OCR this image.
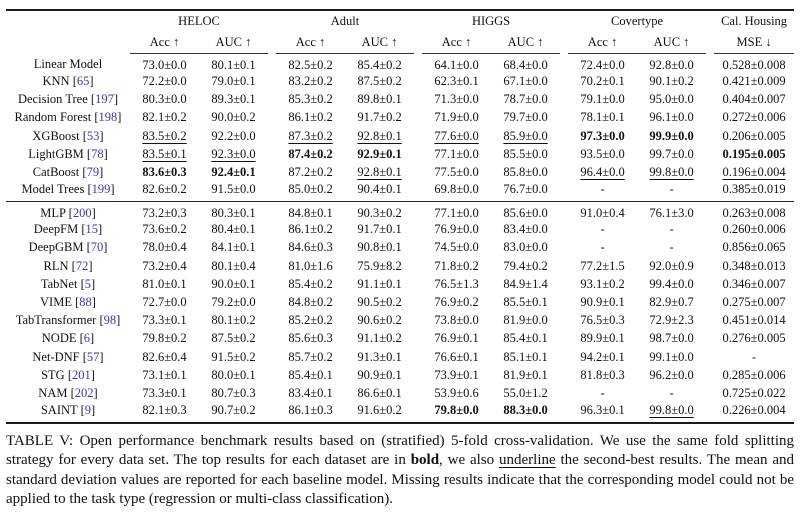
	HELOC			Adult			HIGGS			Covertype			Cal. Housing
	Acc ↑	AUC ↑		Acc ↑	AUC ↑		Acc ↑	AUC ↑		Acc ↑	AUC ↑		MSE ↓
Linear Model	73.0±0.0	80.1±0.1		82.5±0.2	85.4±0.2		64.1±0.0	68.4±0.0		72.4±0.0	92.8±0.0		0.528±0.008
KNN [65]	72.2±0.0	79.0±0.1		83.2±0.2	87.5±0.2		62.3±0.1	67.1±0.0		70.2±0.1	90.1±0.2		0.421±0.009
Decision Tree [197]	80.3±0.0	89.3±0.1		85.3±0.2	89.8±0.1		71.3±0.0	78.7±0.0		79.1±0.0	95.0±0.0		0.404±0.007
Random Forest [198]	82.1±0.2	90.0±0.2		86.1±0.2	91.7±0.2		71.9±0.0	79.7±0.0		78.1±0.1	96.1±0.0		0.272±0.006
XGBoost [53]	83.5±0.2	92.2±0.0		87.3±0.2	92.8±0.1		77.6±0.0	85.9±0.0		97.3±0.0	99.9±0.0		0.206±0.005
LightGBM [78]	83.5±0.1	92.3±0.0		87.4±0.2	92.9±0.1		77.1±0.0	85.5±0.0		93.5±0.0	99.7±0.0		0.195±0.005
CatBoost [79]	83.6±0.3	92.4±0.1		87.2±0.2	92.8±0.1		77.5±0.0	85.8±0.0		96.4±0.0	99.8±0.0		0.196±0.004
Model Trees [199]	82.6±0.2	91.5±0.0		85.0±0.2	90.4±0.1		69.8±0.0	76.7±0.0		-	-		0.385±0.019
MLP [200]	73.2±0.3	80.3±0.1		84.8±0.1	90.3±0.2		77.1±0.0	85.6±0.0		91.0±0.4	76.1±3.0		0.263±0.008
DeepFM [15]	73.6±0.2	80.4±0.1		86.1±0.2	91.7±0.1		76.9±0.0	83.4±0.0		-	-		0.260±0.006
DeepGBM [70]	78.0±0.4	84.1±0.1		84.6±0.3	90.8±0.1		74.5±0.0	83.0±0.0		-	-		0.856±0.065
RLN [72]	73.2±0.4	80.1±0.4		81.0±1.6	75.9±8.2		71.8±0.2	79.4±0.2		77.2±1.5	92.0±0.9		0.348±0.013
TabNet [5]	81.0±0.1	90.0±0.1		85.4±0.2	91.1±0.1		76.5±1.3	84.9±1.4		93.1±0.2	99.4±0.0		0.346±0.007
VIME [88]	72.7±0.0	79.2±0.0		84.8±0.2	90.5±0.2		76.9±0.2	85.5±0.1		90.9±0.1	82.9±0.7		0.275±0.007
TabTransformer [98]	73.3±0.1	80.1±0.2		85.2±0.2	90.6±0.2		73.8±0.0	81.9±0.0		76.5±0.3	72.9±2.3		0.451±0.014
NODE [6]	79.8±0.2	87.5±0.2		85.6±0.3	91.1±0.2		76.9±0.1	85.4±0.1		89.9±0.1	98.7±0.0		0.276±0.005
Net-DNF [57]	82.6±0.4	91.5±0.2		85.7±0.2	91.3±0.1		76.6±0.1	85.1±0.1		94.2±0.1	99.1±0.0		-
STG [201]	73.1±0.1	80.0±0.1		85.4±0.1	90.9±0.1		73.9±0.1	81.9±0.1		81.8±0.3	96.2±0.0		0.285±0.006
NAM [202]	73.3±0.1	80.7±0.3		83.4±0.1	86.6±0.1		53.9±0.6	55.0±1.2		-	-		0.725±0.022
SAINT [9]	82.1±0.3	90.7±0.2		86.1±0.3	91.6±0.2		79.8±0.0	88.3±0.0		96.3±0.1	99.8±0.0		0.226±0.004

TABLE V: Open performance benchmark results based on (stratified) 5-fold cross-validation. We use the same fold splitting strategy for every data set. The top results for each dataset are in bold, we also underline the second-best results. The mean and standard deviation values are reported for each baseline model. Missing results indicate that the corresponding model could not be applied to the task type (regression or multi-class classification).
